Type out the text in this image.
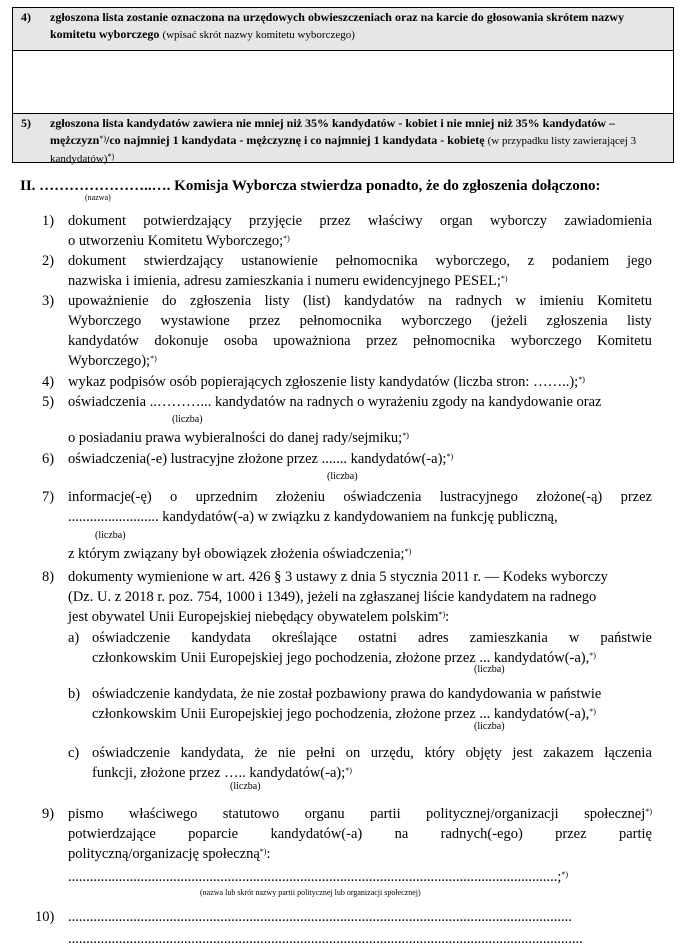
4) zgłoszona lista zostanie oznaczona na urzędowych obwieszczeniach oraz na karcie do głosowania skrótem nazwy komitetu wyborczego (wpisać skrót nazwy komitetu wyborczego)
5) zgłoszona lista kandydatów zawiera nie mniej niż 35% kandydatów - kobiet i nie mniej niż 35% kandydatów – mężczyzn*)/co najmniej 1 kandydata - mężczyznę i co najmniej 1 kandydata - kobietę (w przypadku listy zawierającej 3 kandydatów)*)
II. …………………..…. Komisja Wyborcza stwierdza ponadto, że do zgłoszenia dołączono:
(nazwa)
1) dokument potwierdzający przyjęcie przez właściwy organ wyborczy zawiadomienia
o utworzeniu Komitetu Wyborczego;*)
2) dokument stwierdzający ustanowienie pełnomocnika wyborczego, z podaniem jego
nazwiska i imienia, adresu zamieszkania i numeru ewidencyjnego PESEL;*)
3) upoważnienie do zgłoszenia listy (list) kandydatów na radnych w imieniu Komitetu
Wyborczego wystawione przez pełnomocnika wyborczego (jeżeli zgłoszenia listy
kandydatów dokonuje osoba upoważniona przez pełnomocnika wyborczego Komitetu
Wyborczego);*)
4) wykaz podpisów osób popierających zgłoszenie listy kandydatów (liczba stron: ……..);*)
5) oświadczenia ..………... kandydatów na radnych o wyrażeniu zgody na kandydowanie oraz
(liczba)
o posiadaniu prawa wybieralności do danej rady/sejmiku;*)
6) oświadczenia(-e) lustracyjne złożone przez ....... kandydatów(-a);*)
(liczba)
7) informacje(-ę) o uprzednim złożeniu oświadczenia lustracyjnego złożone(-ą) przez
......................... kandydatów(-a) w związku z kandydowaniem na funkcję publiczną,
(liczba)
z którym związany był obowiązek złożenia oświadczenia;*)
8) dokumenty wymienione w art. 426 § 3 ustawy z dnia 5 stycznia 2011 r. — Kodeks wyborczy
(Dz. U. z 2018 r. poz. 754, 1000 i 1349), jeżeli na zgłaszanej liście kandydatem na radnego
jest obywatel Unii Europejskiej niebędący obywatelem polskim*):
a) oświadczenie kandydata określające ostatni adres zamieszkania w państwie
członkowskim Unii Europejskiej jego pochodzenia, złożone przez ... kandydatów(-a),*)
(liczba)
b) oświadczenie kandydata, że nie został pozbawiony prawa do kandydowania w państwie
członkowskim Unii Europejskiej jego pochodzenia, złożone przez ... kandydatów(-a),*)
(liczba)
c) oświadczenie kandydata, że nie pełni on urzędu, który objęty jest zakazem łączenia
funkcji, złożone przez ….. kandydatów(-a);*)
(liczba)
9) pismo właściwego statutowo organu partii politycznej/organizacji społecznej*)
potwierdzające poparcie kandydatów(-a) na radnych(-ego) przez partię
polityczną/organizację społeczną*):
.......................................................................................................................................;*)
(nazwa lub skrót nazwy partii politycznej lub organizacji społecznej)
10) ...........................................................................................................................................
..............................................................................................................................................
